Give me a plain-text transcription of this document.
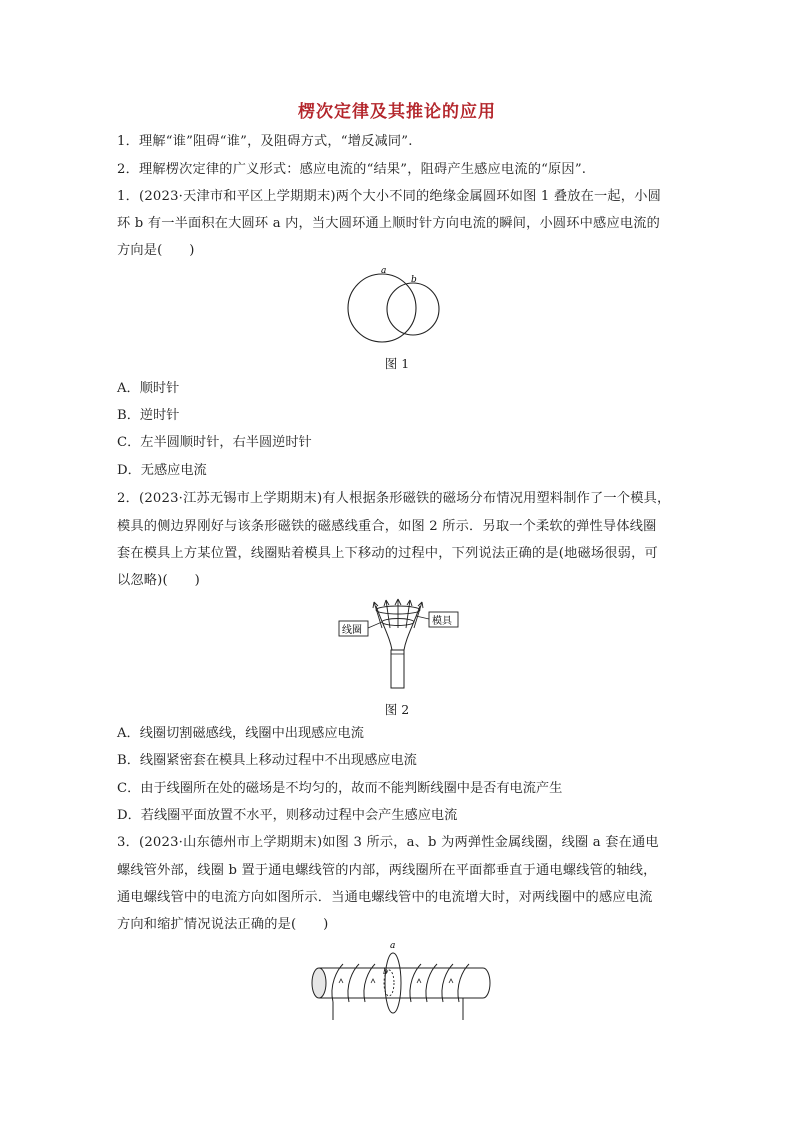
楞次定律及其推论的应用
1．理解“谁”阻碍“谁”，及阻碍方式，“增反减同”.
2．理解楞次定律的广义形式：感应电流的“结果”，阻碍产生感应电流的“原因”.
1．(2023·天津市和平区上学期期末)两个大小不同的绝缘金属圆环如图 1 叠放在一起，小圆
环 b 有一半面积在大圆环 a 内，当大圆环通上顺时针方向电流的瞬间，小圆环中感应电流的
方向是(　　)
a
b
图 1
A．顺时针
B．逆时针
C．左半圆顺时针，右半圆逆时针
D．无感应电流
2．(2023·江苏无锡市上学期期末)有人根据条形磁铁的磁场分布情况用塑料制作了一个模具，
模具的侧边界刚好与该条形磁铁的磁感线重合，如图 2 所示．另取一个柔软的弹性导体线圈
套在模具上方某位置，线圈贴着模具上下移动的过程中，下列说法正确的是(地磁场很弱，可
以忽略)(　　)
线圈
模具
图 2
A．线圈切割磁感线，线圈中出现感应电流
B．线圈紧密套在模具上移动过程中不出现感应电流
C．由于线圈所在处的磁场是不均匀的，故而不能判断线圈中是否有电流产生
D．若线圈平面放置不水平，则移动过程中会产生感应电流
3．(2023·山东德州市上学期期末)如图 3 所示，a、b 为两弹性金属线圈，线圈 a 套在通电
螺线管外部，线圈 b 置于通电螺线管的内部，两线圈所在平面都垂直于通电螺线管的轴线，
通电螺线管中的电流方向如图所示．当通电螺线管中的电流增大时，对两线圈中的感应电流
方向和缩扩情况说法正确的是(　　)
a
b
